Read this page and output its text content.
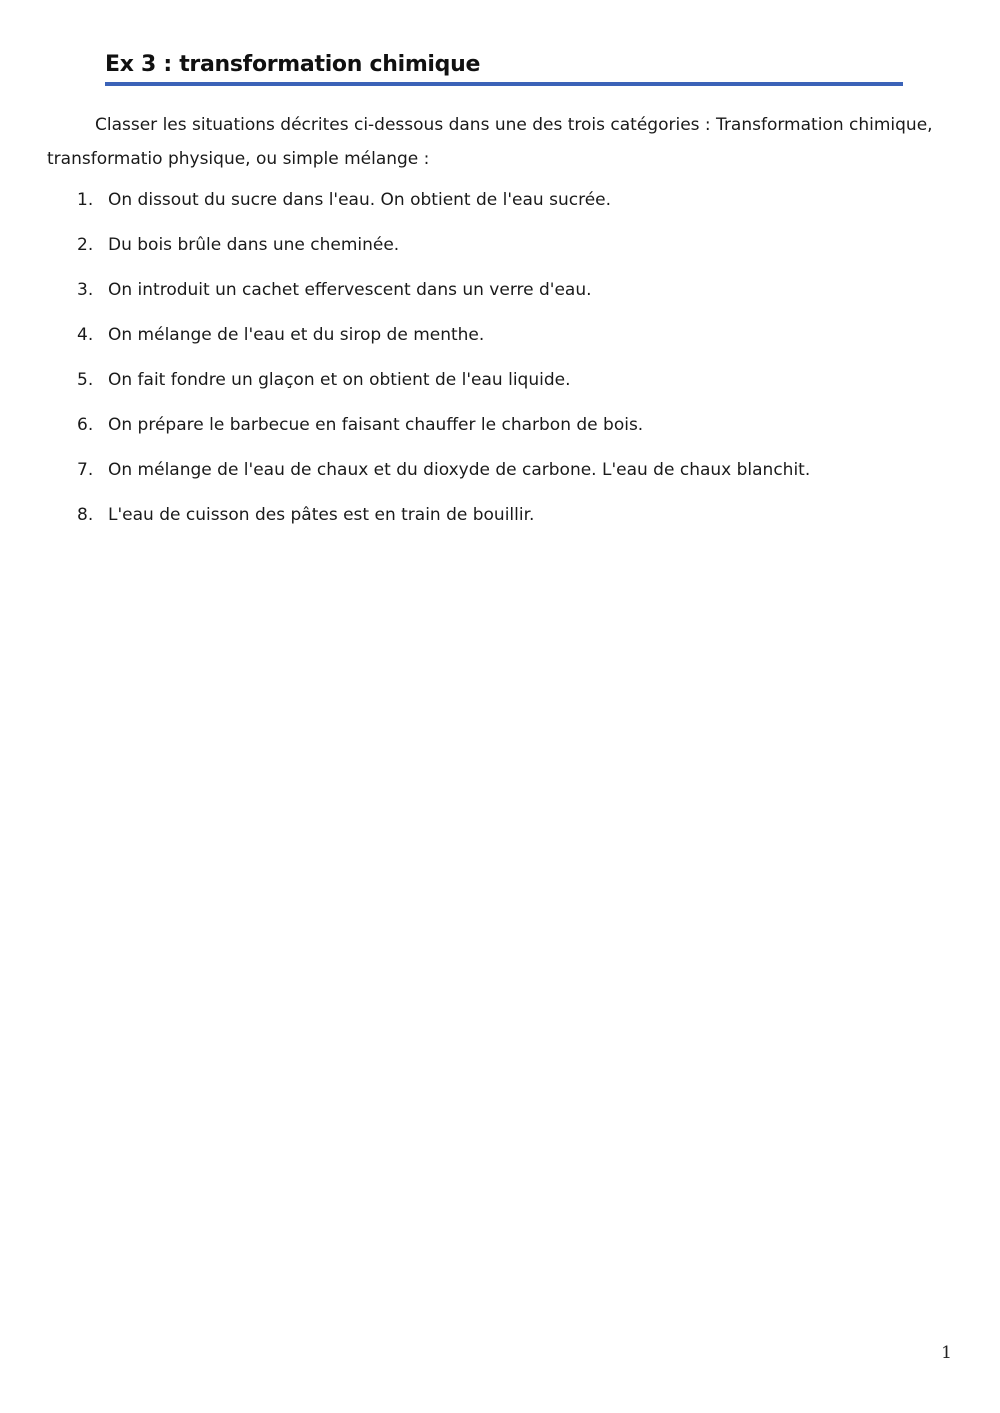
Ex 3 : transformation chimique

Classer les situations décrites ci-dessous dans une des trois catégories : Transformation chimique, transformatio physique, ou simple mélange :

1. On dissout du sucre dans l'eau. On obtient de l'eau sucrée.
2. Du bois brûle dans une cheminée.
3. On introduit un cachet effervescent dans un verre d'eau.
4. On mélange de l'eau et du sirop de menthe.
5. On fait fondre un glaçon et on obtient de l'eau liquide.
6. On prépare le barbecue en faisant chauffer le charbon de bois.
7. On mélange de l'eau de chaux et du dioxyde de carbone. L'eau de chaux blanchit.
8. L'eau de cuisson des pâtes est en train de bouillir.
1
